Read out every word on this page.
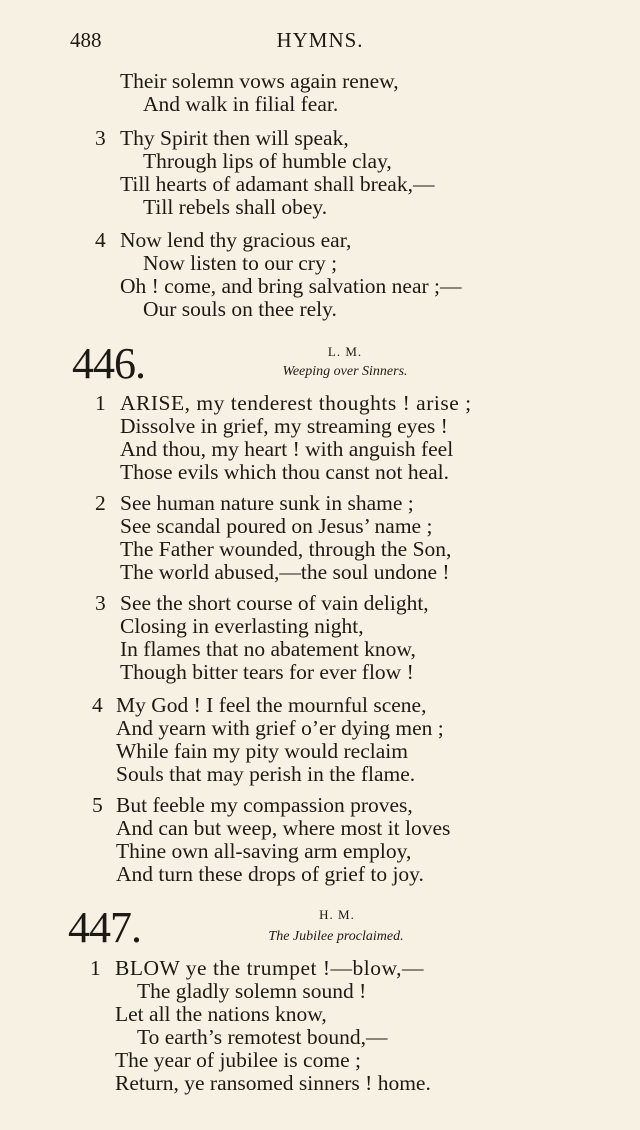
488	HYMNS.
Their solemn vows again renew,
And walk in filial fear.
3 Thy Spirit then will speak,
Through lips of humble clay,
Till hearts of adamant shall break,—
Till rebels shall obey.
4 Now lend thy gracious ear,
Now listen to our cry ;
Oh ! come, and bring salvation near ;—
Our souls on thee rely.
446.	L. M.
Weeping over Sinners.
1 ARISE, my tenderest thoughts ! arise ;
Dissolve in grief, my streaming eyes !
And thou, my heart ! with anguish feel
Those evils which thou canst not heal.
2 See human nature sunk in shame ;
See scandal poured on Jesus’ name ;
The Father wounded, through the Son,
The world abused,—the soul undone !
3 See the short course of vain delight,
Closing in everlasting night,
In flames that no abatement know,
Though bitter tears for ever flow !
4 My God ! I feel the mournful scene,
And yearn with grief o’er dying men ;
While fain my pity would reclaim
Souls that may perish in the flame.
5 But feeble my compassion proves,
And can but weep, where most it loves
Thine own all-saving arm employ,
And turn these drops of grief to joy.
447.	H. M.
The Jubilee proclaimed.
1 BLOW ye the trumpet !—blow,—
The gladly solemn sound !
Let all the nations know,
To earth’s remotest bound,—
The year of jubilee is come ;
Return, ye ransomed sinners ! home.
